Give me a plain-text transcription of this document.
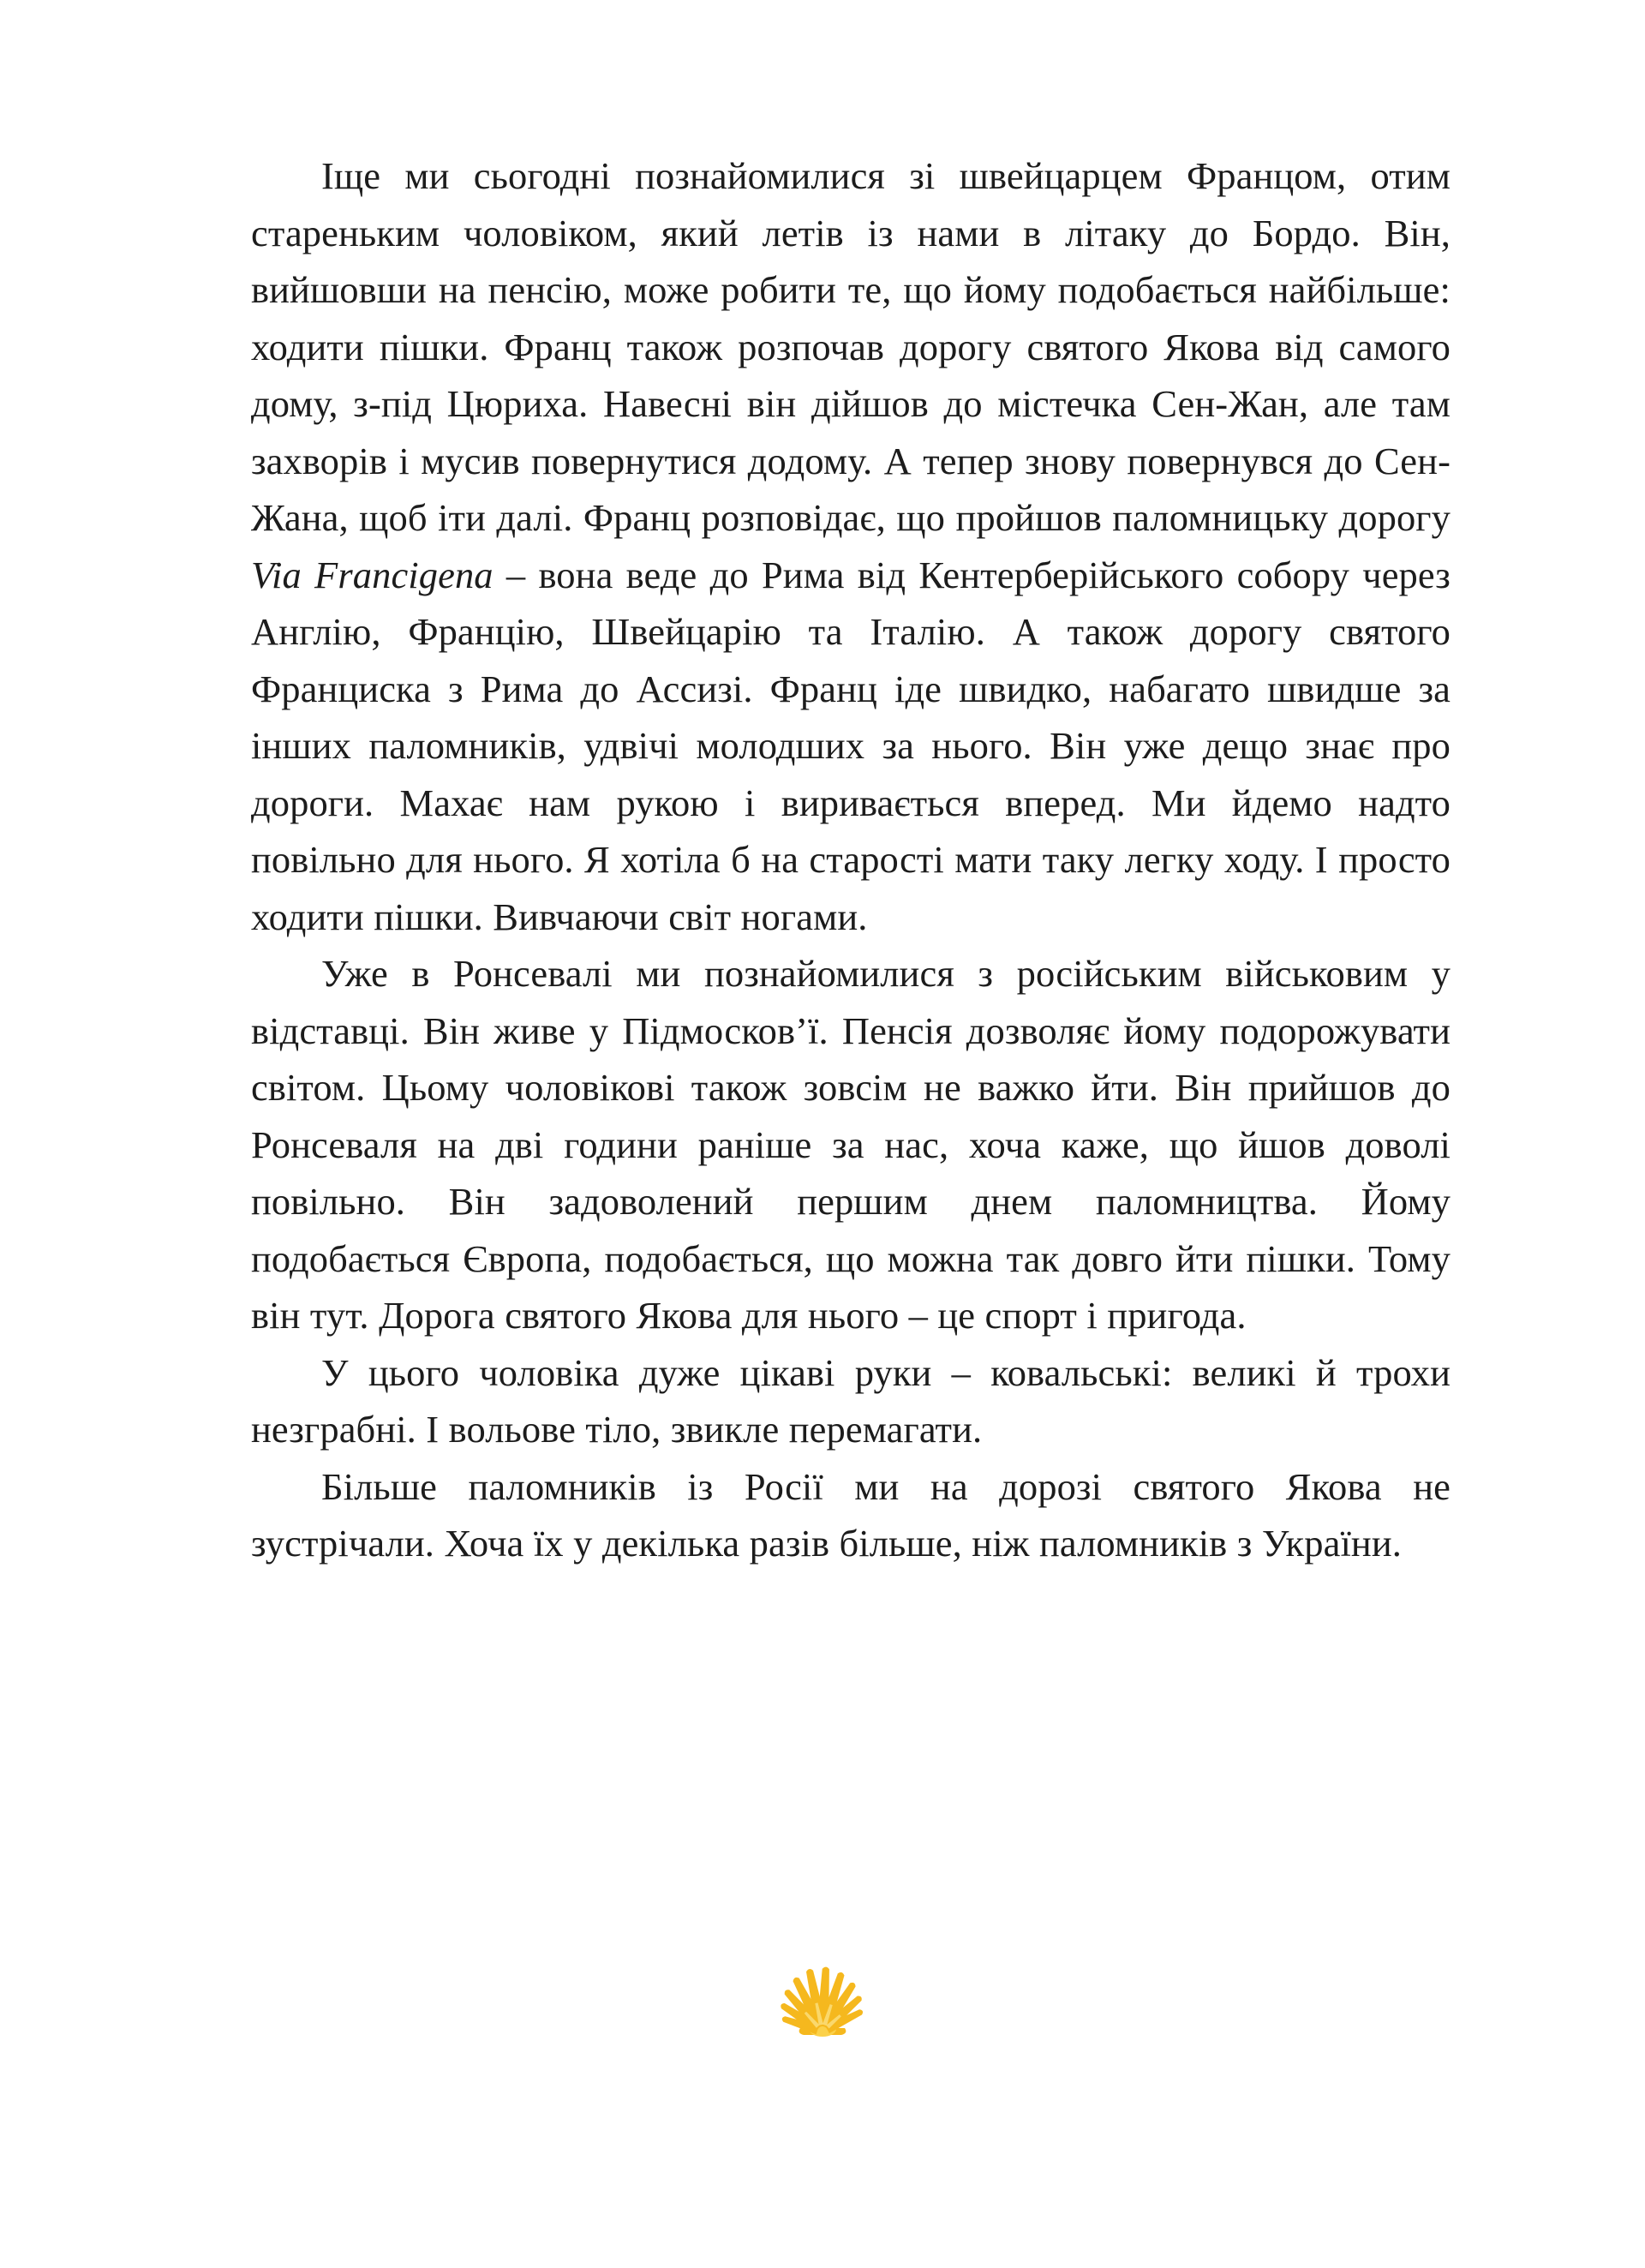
Іще ми сьогодні познайомилися зі швейцарцем Францом, отим стареньким чоловіком, який летів із нами в літаку до Бордо. Він, вийшовши на пенсію, може робити те, що йому подобається найбільше: ходити пішки. Франц також розпочав дорогу святого Якова від самого дому, з-під Цюриха. Навесні він дійшов до містечка Сен-Жан, але там захворів і мусив повернутися додому. А тепер знову повернувся до Сен-Жана, щоб іти далі. Франц розповідає, що пройшов паломницьку дорогу Via Francigena – вона веде до Рима від Кентерберійського собору через Англію, Францію, Швейцарію та Італію. А також дорогу святого Франциска з Рима до Ассизі. Франц іде швидко, набагато швидше за інших паломників, удвічі молодших за нього. Він уже дещо знає про дороги. Махає нам рукою і виривається вперед. Ми йдемо надто повільно для нього. Я хотіла б на старості мати таку легку ходу. І просто ходити пішки. Вивчаючи світ ногами.

Уже в Ронсевалі ми познайомилися з російським військовим у відставці. Він живе у Підмосков’ї. Пенсія дозволяє йому подорожувати світом. Цьому чоловікові також зовсім не важко йти. Він прийшов до Ронсеваля на дві години раніше за нас, хоча каже, що йшов доволі повільно. Він задоволений першим днем паломництва. Йому подобається Європа, подобається, що можна так довго йти пішки. Тому він тут. Дорога святого Якова для нього – це спорт і пригода.

У цього чоловіка дуже цікаві руки – ковальські: великі й трохи незграбні. І вольове тіло, звикле перемагати.

Більше паломників із Росії ми на дорозі святого Якова не зустрічали. Хоча їх у декілька разів більше, ніж паломників з України.
